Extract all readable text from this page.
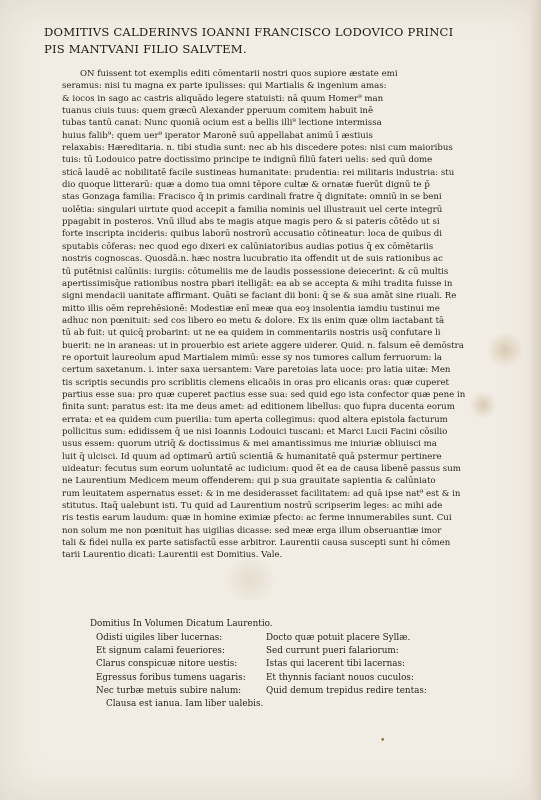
DOMITIVS CALDERINVS IOANNI FRANCISCO LODOVICO PRINCI
PIS MANTVANI FILIO SALVTEM.
ON fuissent tot exemplis editi cōmentarii nostri quos supiore æstate emi
seramus: nisi tu magna ex parte ipulisses: qui Martialis & ingenium amas:
& iocos in sago ac castris aliquādo legere statuisti: nā quum Homer⁹ man
tuanus ciuis tuus: quem græcū Alexander pperuum comitem habuit inē
tubas tantū canat: Nunc quoniā ocium est a bellis illi⁹ lectione intermissa
huius falib⁹: quem uer⁹ iperator Maronē suū appellabat animū ī æstiuis
relaxabis: Hæreditaria. n. tibi studia sunt: nec ab his discedere potes: nisi cum maioribus
tuis: tū Lodouico patre doctissimo principe te indignū filiū fateri uelis: sed quū dome
sticā laudē ac nobilitatē facile sustineas humanitate: prudentia: rei militaris industria: stu
dio quoque litterarū: quæ a domo tua omni tēpore cultæ & ornatæ fuerūt dignū te p̄
stas Gonzaga familia: Fracisco q̄ in primis cardinali fratre q̄ dignitate: omniū in se beni
uolētia: singulari uirtute quod accepit a familia nominis uel illustrauit uel certe integrū
ppagabit in posteros. Vnū illud abs te magis atque magis pero & si pateris cōtēdo ut si
forte inscripta incideris: quibus laborū nostrorū accusatio cōtineatur: loca de quibus di
sputabis cōferas: nec quod ego dixeri ex calūniatoribus audias potius q̄ ex cōmētariis
nostris cognoscas. Quosdā.n. hæc nostra lucubratio ita offendit ut de suis rationibus ac
tū putētnisi calūniis: iurgiis: cōtumeliis me de laudis possessione deiecerint: & cū multis
apertissimisq̄ue rationibus nostra pbari itelligāt: ea ab se accepta & mihi tradita fuisse in
signi mendacii uanitate affirmant. Quāti se faciant dii boni: q̄ se & sua amāt sine riuali. Re
mitto illis oēm reprehēsionē: Modestiæ enī meæ qua eoȝ insolentia iamdiu tustinui me
adhuc non pœnituit: sed cos libero eo metu & dolore. Ex iis enim quæ olim iactabant tā
tū ab fuit: ut quicq̄ probarint: ut ne ea quidem in commentariis nostris usq̄ confutare li
buerit: ne in araneas: ut in prouerbio est ariete aggere uiderer. Quid. n. falsum eē demōstra
re oportuit laureolum apud Martialem mimū: esse sy nos tumores callum ferruorum: la
certum saxetanum. i. inter saxa uersantem: Vare paretoias lata uoce: pro latia uitæ: Men
tis scriptis secundis pro scriblitis clemens elicaõis in oras pro elicanis oras: quæ cuperet
partius esse sua: pro quæ cuperet pactius esse sua: sed quid ego ista confector quæ pene in
finita sunt: paratus est: ita me deus amet: ad editionem libellus: quo fupra ducenta eorum
errata: et ea quidem cum puerilia: tum aperta collegimus: quod altera epistola facturum
pollicitus sum: edidissem q̄ ue nisi Ioannis Lodouici tuscani: et Marci Lucii Facini cōsilio
usus essem: quorum utriq̄ & doctissimus & mei amantissimus me iniuriæ obliuisci ma
luit q̄ ulcisci. Id quum ad optimarū artiū scientiā & humanitatē quā pstermur pertinere
uideatur: fecutus sum eorum uoluntatē ac iudicium: quod ēt ea de causa libenē passus sum
ne Laurentium Medicem meum offenderem: qui p sua grauitate sapientia & calūniato
rum leuitatem aspernatus esset: & in me desiderasset facilitatem: ad quā ipse nat⁹ est & in
stitutus. Itaq̄ ualebunt isti. Tu quid ad Laurentium nostrū scripserim leges: ac mihi ade
ris testis earum laudum: quæ in homine eximiæ pfecto: ac ferme innumerabiles sunt. Cui
non solum me non pœnituit has uigilias dicasse: sed meæ erga illum obseruantiæ imor
tali & fidei nulla ex parte satisfactū esse arbitror. Laurentii causa suscepti sunt hi cōmen
tarii Laurentio dicati: Laurentii est Domitius. Vale.
Domitius In Volumen Dicatum Laurentio.
Odisti uigiles liber lucernas:	Docto quæ potuit placere Syllæ.
Et signum calami feueriores:	Sed currunt pueri falariorum:
Clarus conspicuæ nitore uestis:	Istas qui lacerent tibi lacernas:
Egressus foribus tumens uagaris:	Et thynnis faciant nouos cuculos:
Nec turbæ metuis subire nalum:	Quid demum trepidus redire tentas:
Clausa est ianua. Iam liber ualebis.
•
